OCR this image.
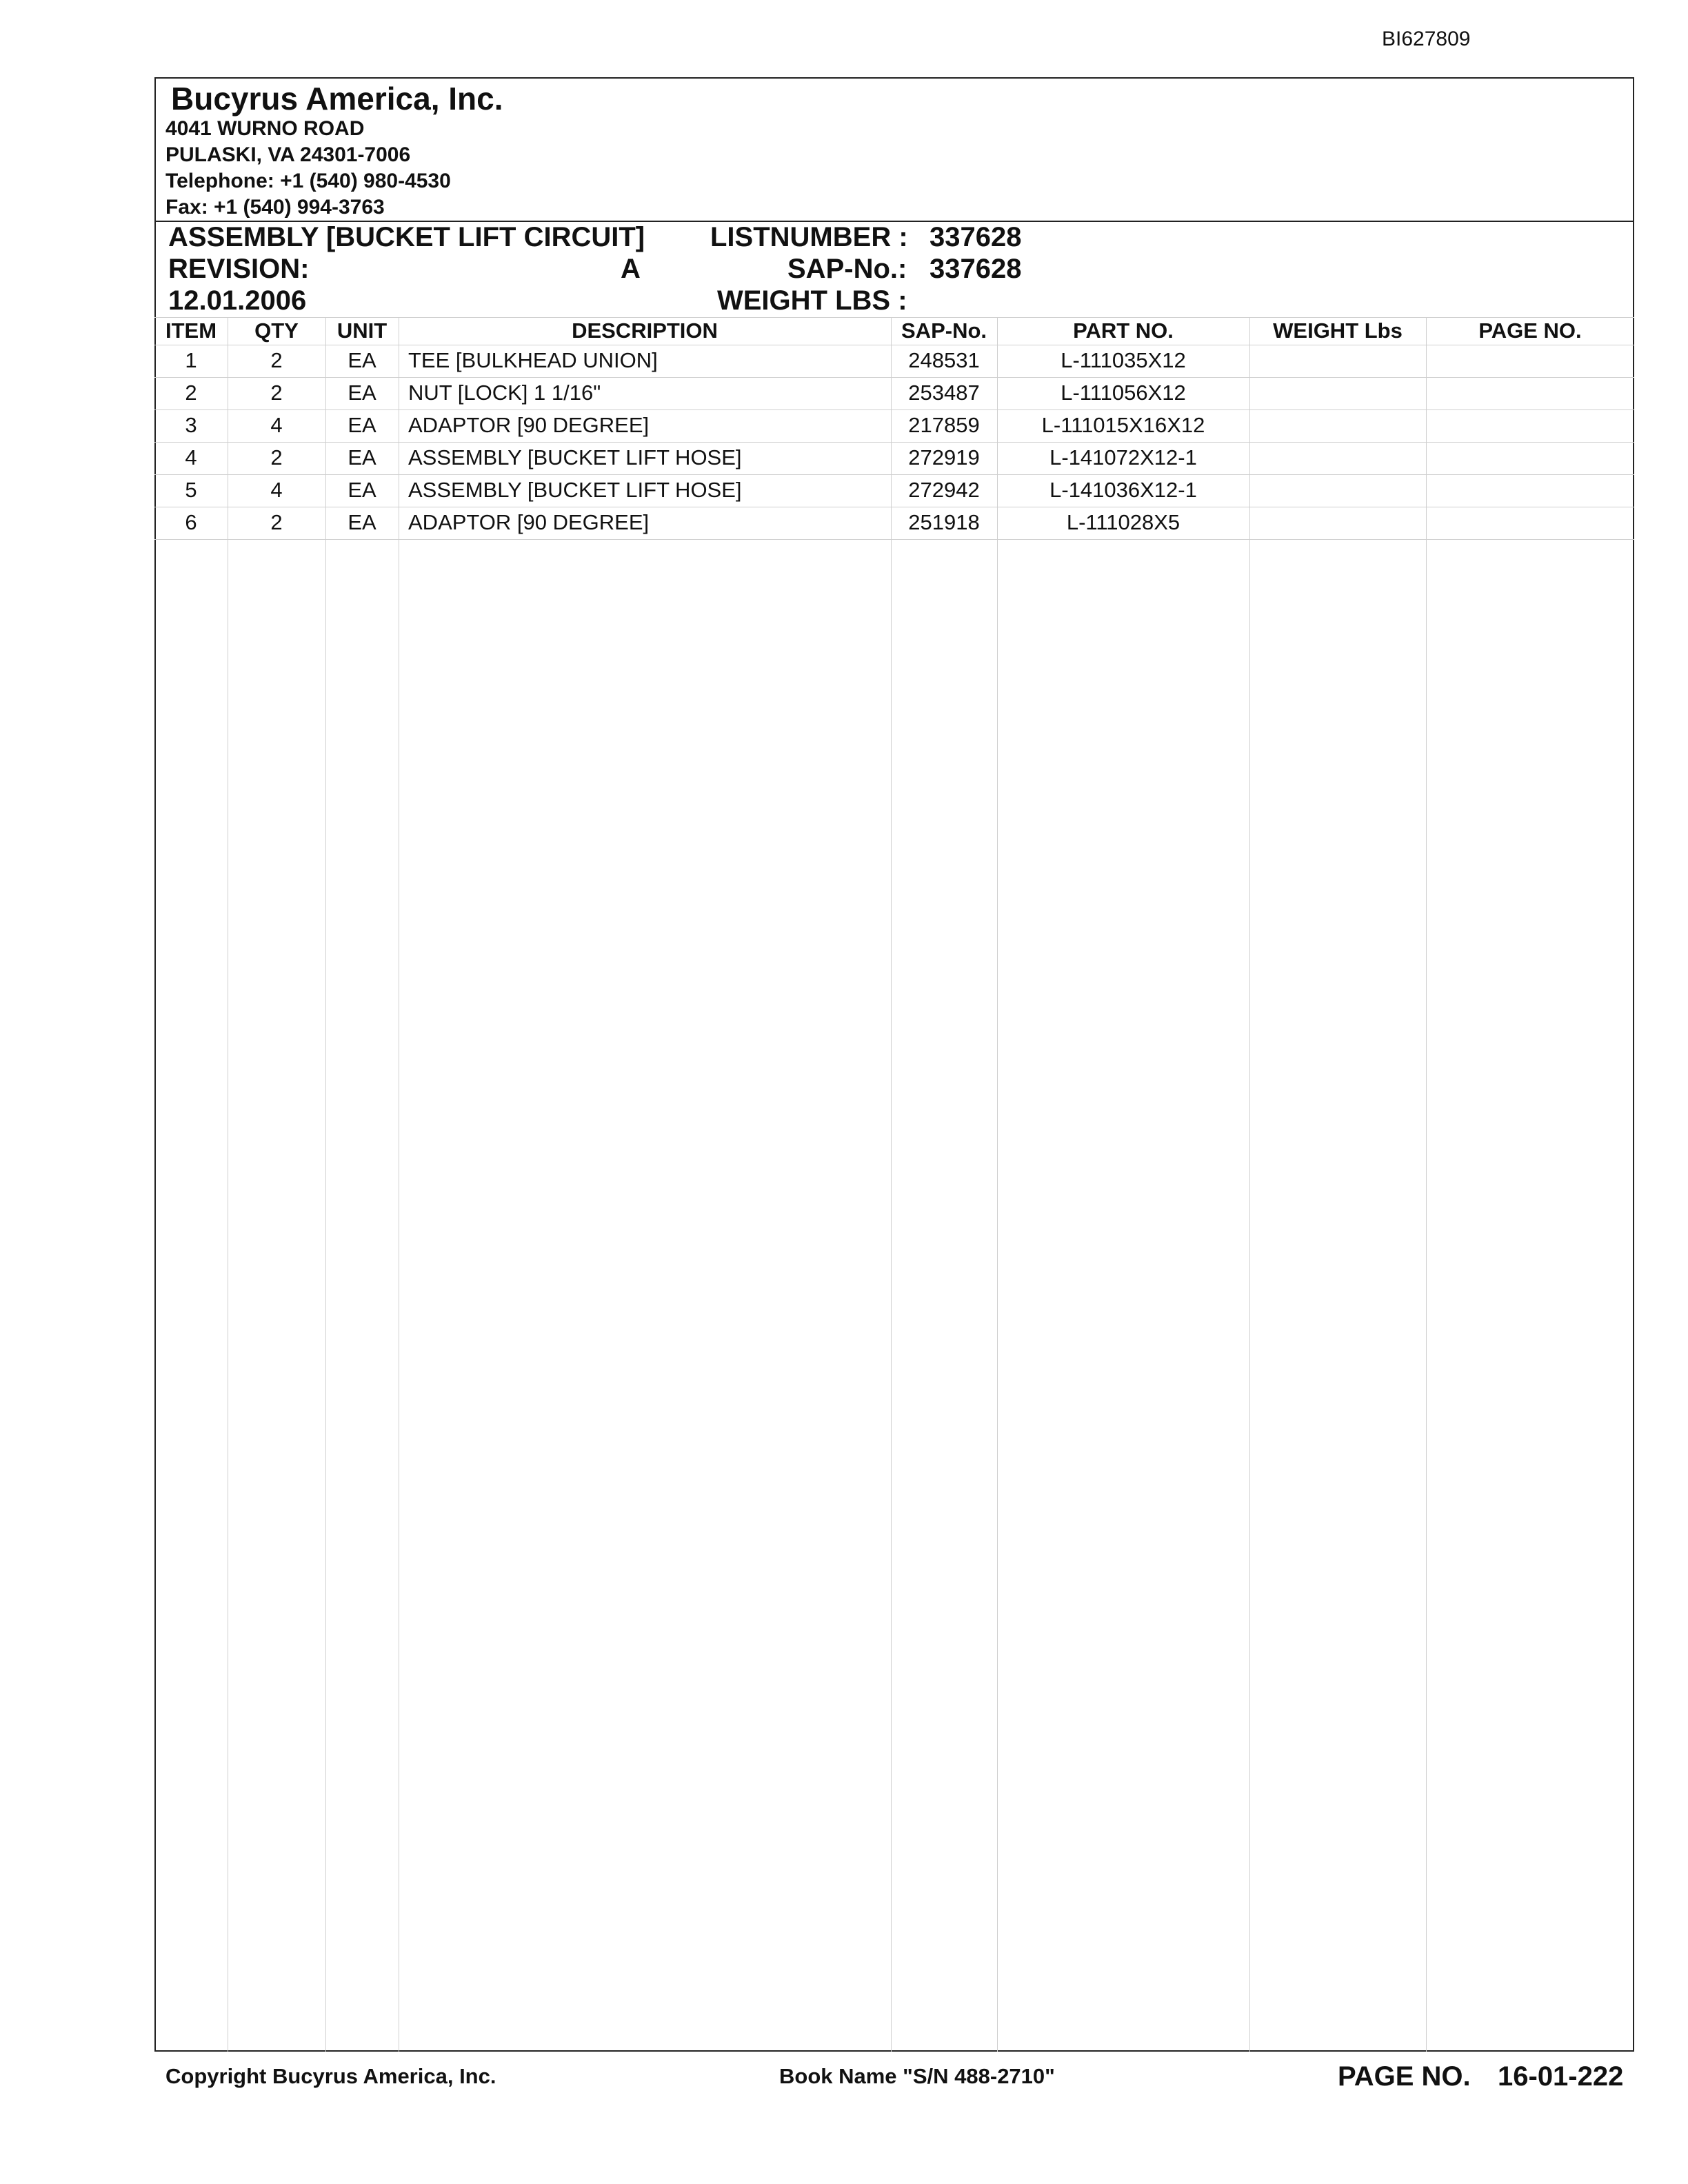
BI627809
Bucyrus America, Inc.
4041 WURNO ROAD
PULASKI, VA 24301-7006
Telephone: +1 (540) 980-4530
Fax: +1 (540) 994-3763
ASSEMBLY [BUCKET LIFT CIRCUIT]
REVISION:	A
12.01.2006
LISTNUMBER : 337628
SAP-No.: 337628
WEIGHT LBS :
ITEM	QTY	UNIT	DESCRIPTION	SAP-No.	PART NO.	WEIGHT Lbs	PAGE NO.
1	2	EA	TEE [BULKHEAD UNION]	248531	L-111035X12
2	2	EA	NUT [LOCK] 1 1/16"	253487	L-111056X12
3	4	EA	ADAPTOR [90 DEGREE]	217859	L-111015X16X12
4	2	EA	ASSEMBLY [BUCKET LIFT HOSE]	272919	L-141072X12-1
5	4	EA	ASSEMBLY [BUCKET LIFT HOSE]	272942	L-141036X12-1
6	2	EA	ADAPTOR [90 DEGREE]	251918	L-111028X5
Copyright Bucyrus America, Inc.	Book Name "S/N 488-2710"	PAGE NO. 16-01-222
